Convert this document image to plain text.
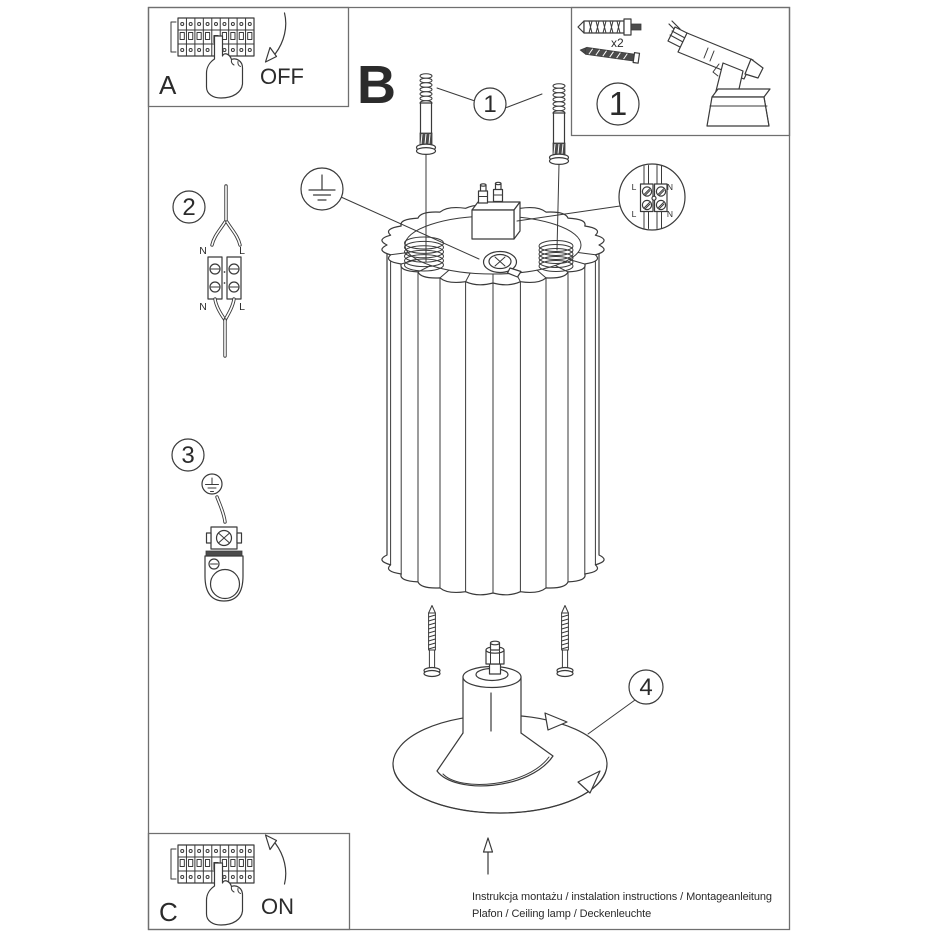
A	OFF
C	ON
x2
1
B	1
2
N	L
N	L
3
L	N
L	N
4
Instrukcja montażu / instalation instructions / Montageanleitung
Plafon / Ceiling lamp / Deckenleuchte
